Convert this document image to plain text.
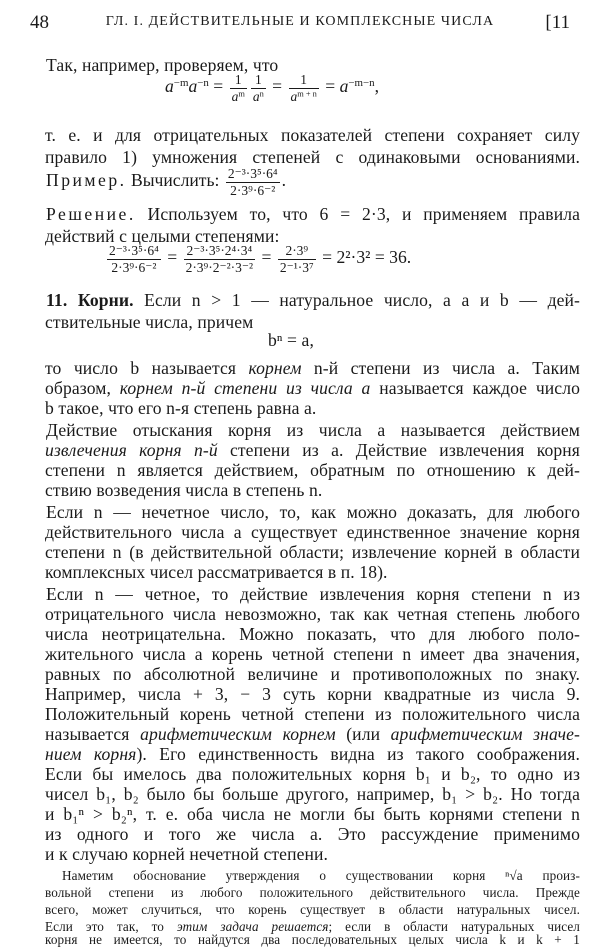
48	ГЛ. I. ДЕЙСТВИТЕЛЬНЫЕ И КОМПЛЕКСНЫЕ ЧИСЛА	[11
Так, например, проверяем, что
$a^{-m}a^{-n} = \frac{1}{a^m} \frac{1}{a^n} = \frac{1}{a^{m + n}} = a^{-m-n}$,
т. е. и для отрицательных показателей степени сохраняет силу
правило 1) умножения степеней с одинаковыми основаниями.
Пример. Вычислить: $\frac{\text{2⁻³·3⁵·6⁴}}{\text{2·3⁹·6⁻²}}$ .
Решение. Используем то, что 6 = 2·3, и применяем правила
действий с целыми степенями:
$\frac{\text{2⁻³·3⁵·6⁴}}{\text{2·3⁹·6⁻²}} = \frac{\text{2⁻³·3⁵·2⁴·3⁴}}{\text{2·3⁹·2⁻²·3⁻²}} = \frac{\text{2·3⁹}}{\text{2⁻¹·3⁷}} = 2^2\cdot 3^2 = 36$.
11. Корни. Если n > 1 — натуральное число, a a и b — дей-
ствительные числа, причем
bⁿ = a,
то число b называется корнем n-й степени из числа a. Таким
образом, корнем n-й степени из числа a называется каждое число
b такое, что его n-я степень равна a.
Действие отыскания корня из числа a называется действием
извлечения корня n-й степени из a. Действие извлечения корня
степени n является действием, обратным по отношению к дей-
ствию возведения числа в степень n.
Если n — нечетное число, то, как можно доказать, для любого
действительного числа a существует единственное значение корня
степени n (в действительной области; извлечение корней в области
комплексных чисел рассматривается в п. 18).
Если n — четное, то действие извлечения корня степени n из
отрицательного числа невозможно, так как четная степень любого
числа неотрицательна. Можно показать, что для любого поло-
жительного числа a корень четной степени n имеет два значения,
равных по абсолютной величине и противоположных по знаку.
Например, числа + 3, − 3 суть корни квадратные из числа 9.
Положительный корень четной степени из положительного числа
называется арифметическим корнем (или арифметическим значе-
нием корня). Его единственность видна из такого соображения.
Если бы имелось два положительных корня b₁ и b₂, то одно из
чисел b₁, b₂ было бы больше другого, например, b₁ > b₂. Но тогда
и b₁ⁿ > b₂ⁿ, т. е. оба числа не могли бы быть корнями степени n
из одного и того же числа a. Это рассуждение применимо
и к случаю корней нечетной степени.
Наметим обоснование утверждения о существовании корня ⁿ√a произ-
вольной степени из любого положительного действительного числа. Прежде
всего, может случиться, что корень существует в области натуральных чисел.
Если это так, то этим задача решается; если в области натуральных чисел
корня не имеется, то найдутся два последовательных целых числа k и k + 1
